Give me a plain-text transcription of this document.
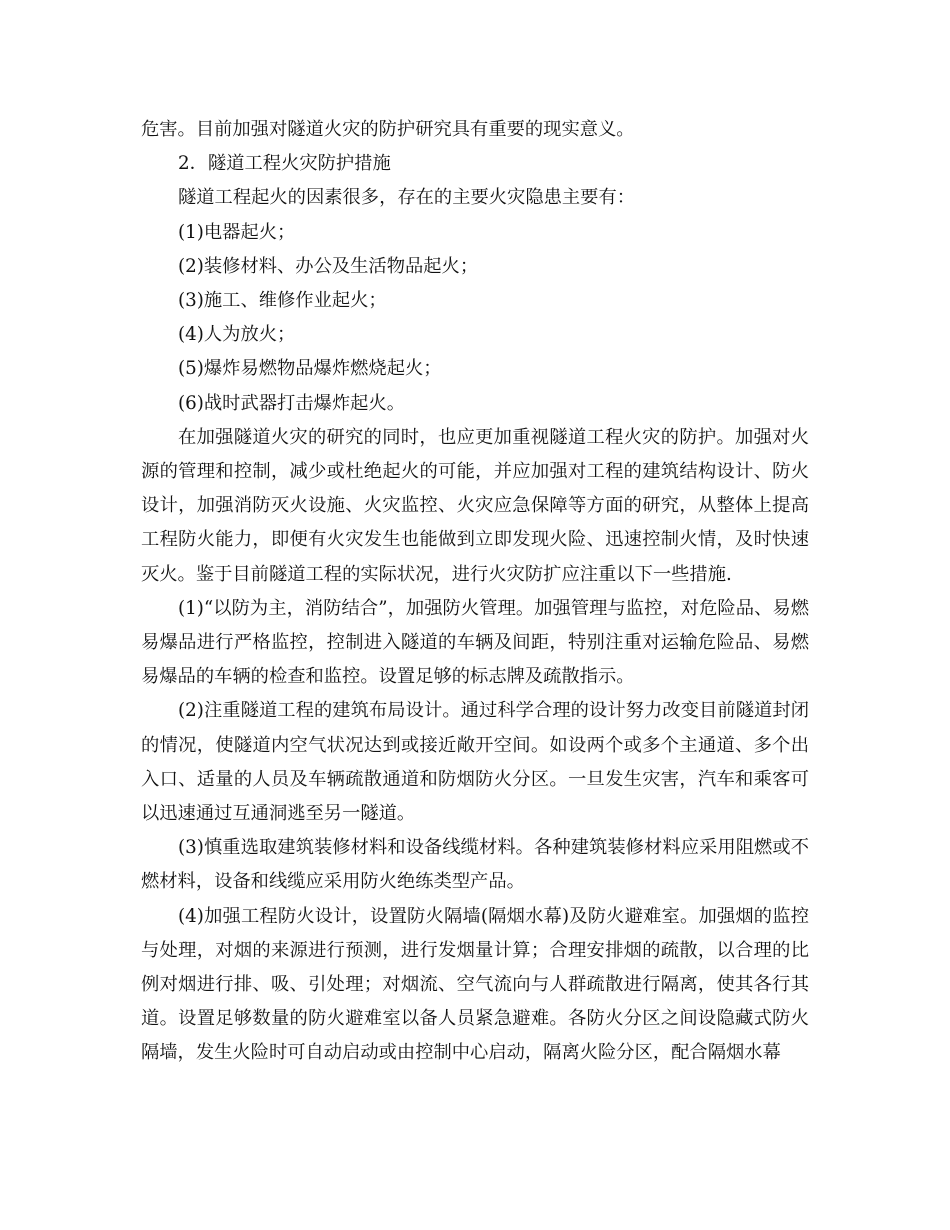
危害。目前加强对隧道火灾的防护研究具有重要的现实意义。

2．隧道工程火灾防护措施

隧道工程起火的因素很多，存在的主要火灾隐患主要有：

(1)电器起火；

(2)装修材料、办公及生活物品起火；

(3)施工、维修作业起火；

(4)人为放火；

(5)爆炸易燃物品爆炸燃烧起火；

(6)战时武器打击爆炸起火。

在加强隧道火灾的研究的同时，也应更加重视隧道工程火灾的防护。加强对火源的管理和控制，减少或杜绝起火的可能，并应加强对工程的建筑结构设计、防火设计，加强消防灭火设施、火灾监控、火灾应急保障等方面的研究，从整体上提高工程防火能力，即便有火灾发生也能做到立即发现火险、迅速控制火情，及时快速灭火。鉴于目前隧道工程的实际状况，进行火灾防扩应注重以下一些措施.

(1)“以防为主，消防结合”，加强防火管理。加强管理与监控，对危险品、易燃易爆品进行严格监控，控制进入隧道的车辆及间距，特别注重对运输危险品、易燃易爆品的车辆的检查和监控。设置足够的标志牌及疏散指示。

(2)注重隧道工程的建筑布局设计。通过科学合理的设计努力改变目前隧道封闭的情况，使隧道内空气状况达到或接近敞开空间。如设两个或多个主通道、多个出入口、适量的人员及车辆疏散通道和防烟防火分区。一旦发生灾害，汽车和乘客可以迅速通过互通洞逃至另一隧道。

(3)慎重选取建筑装修材料和设备线缆材料。各种建筑装修材料应采用阻燃或不燃材料，设备和线缆应采用防火绝练类型产品。

(4)加强工程防火设计，设置防火隔墙(隔烟水幕)及防火避难室。加强烟的监控与处理，对烟的来源进行预测，进行发烟量计算；合理安排烟的疏散，以合理的比例对烟进行排、吸、引处理；对烟流、空气流向与人群疏散进行隔离，使其各行其道。设置足够数量的防火避难室以备人员紧急避难。各防火分区之间设隐藏式防火隔墙，发生火险时可自动启动或由控制中心启动，隔离火险分区，配合隔烟水幕
